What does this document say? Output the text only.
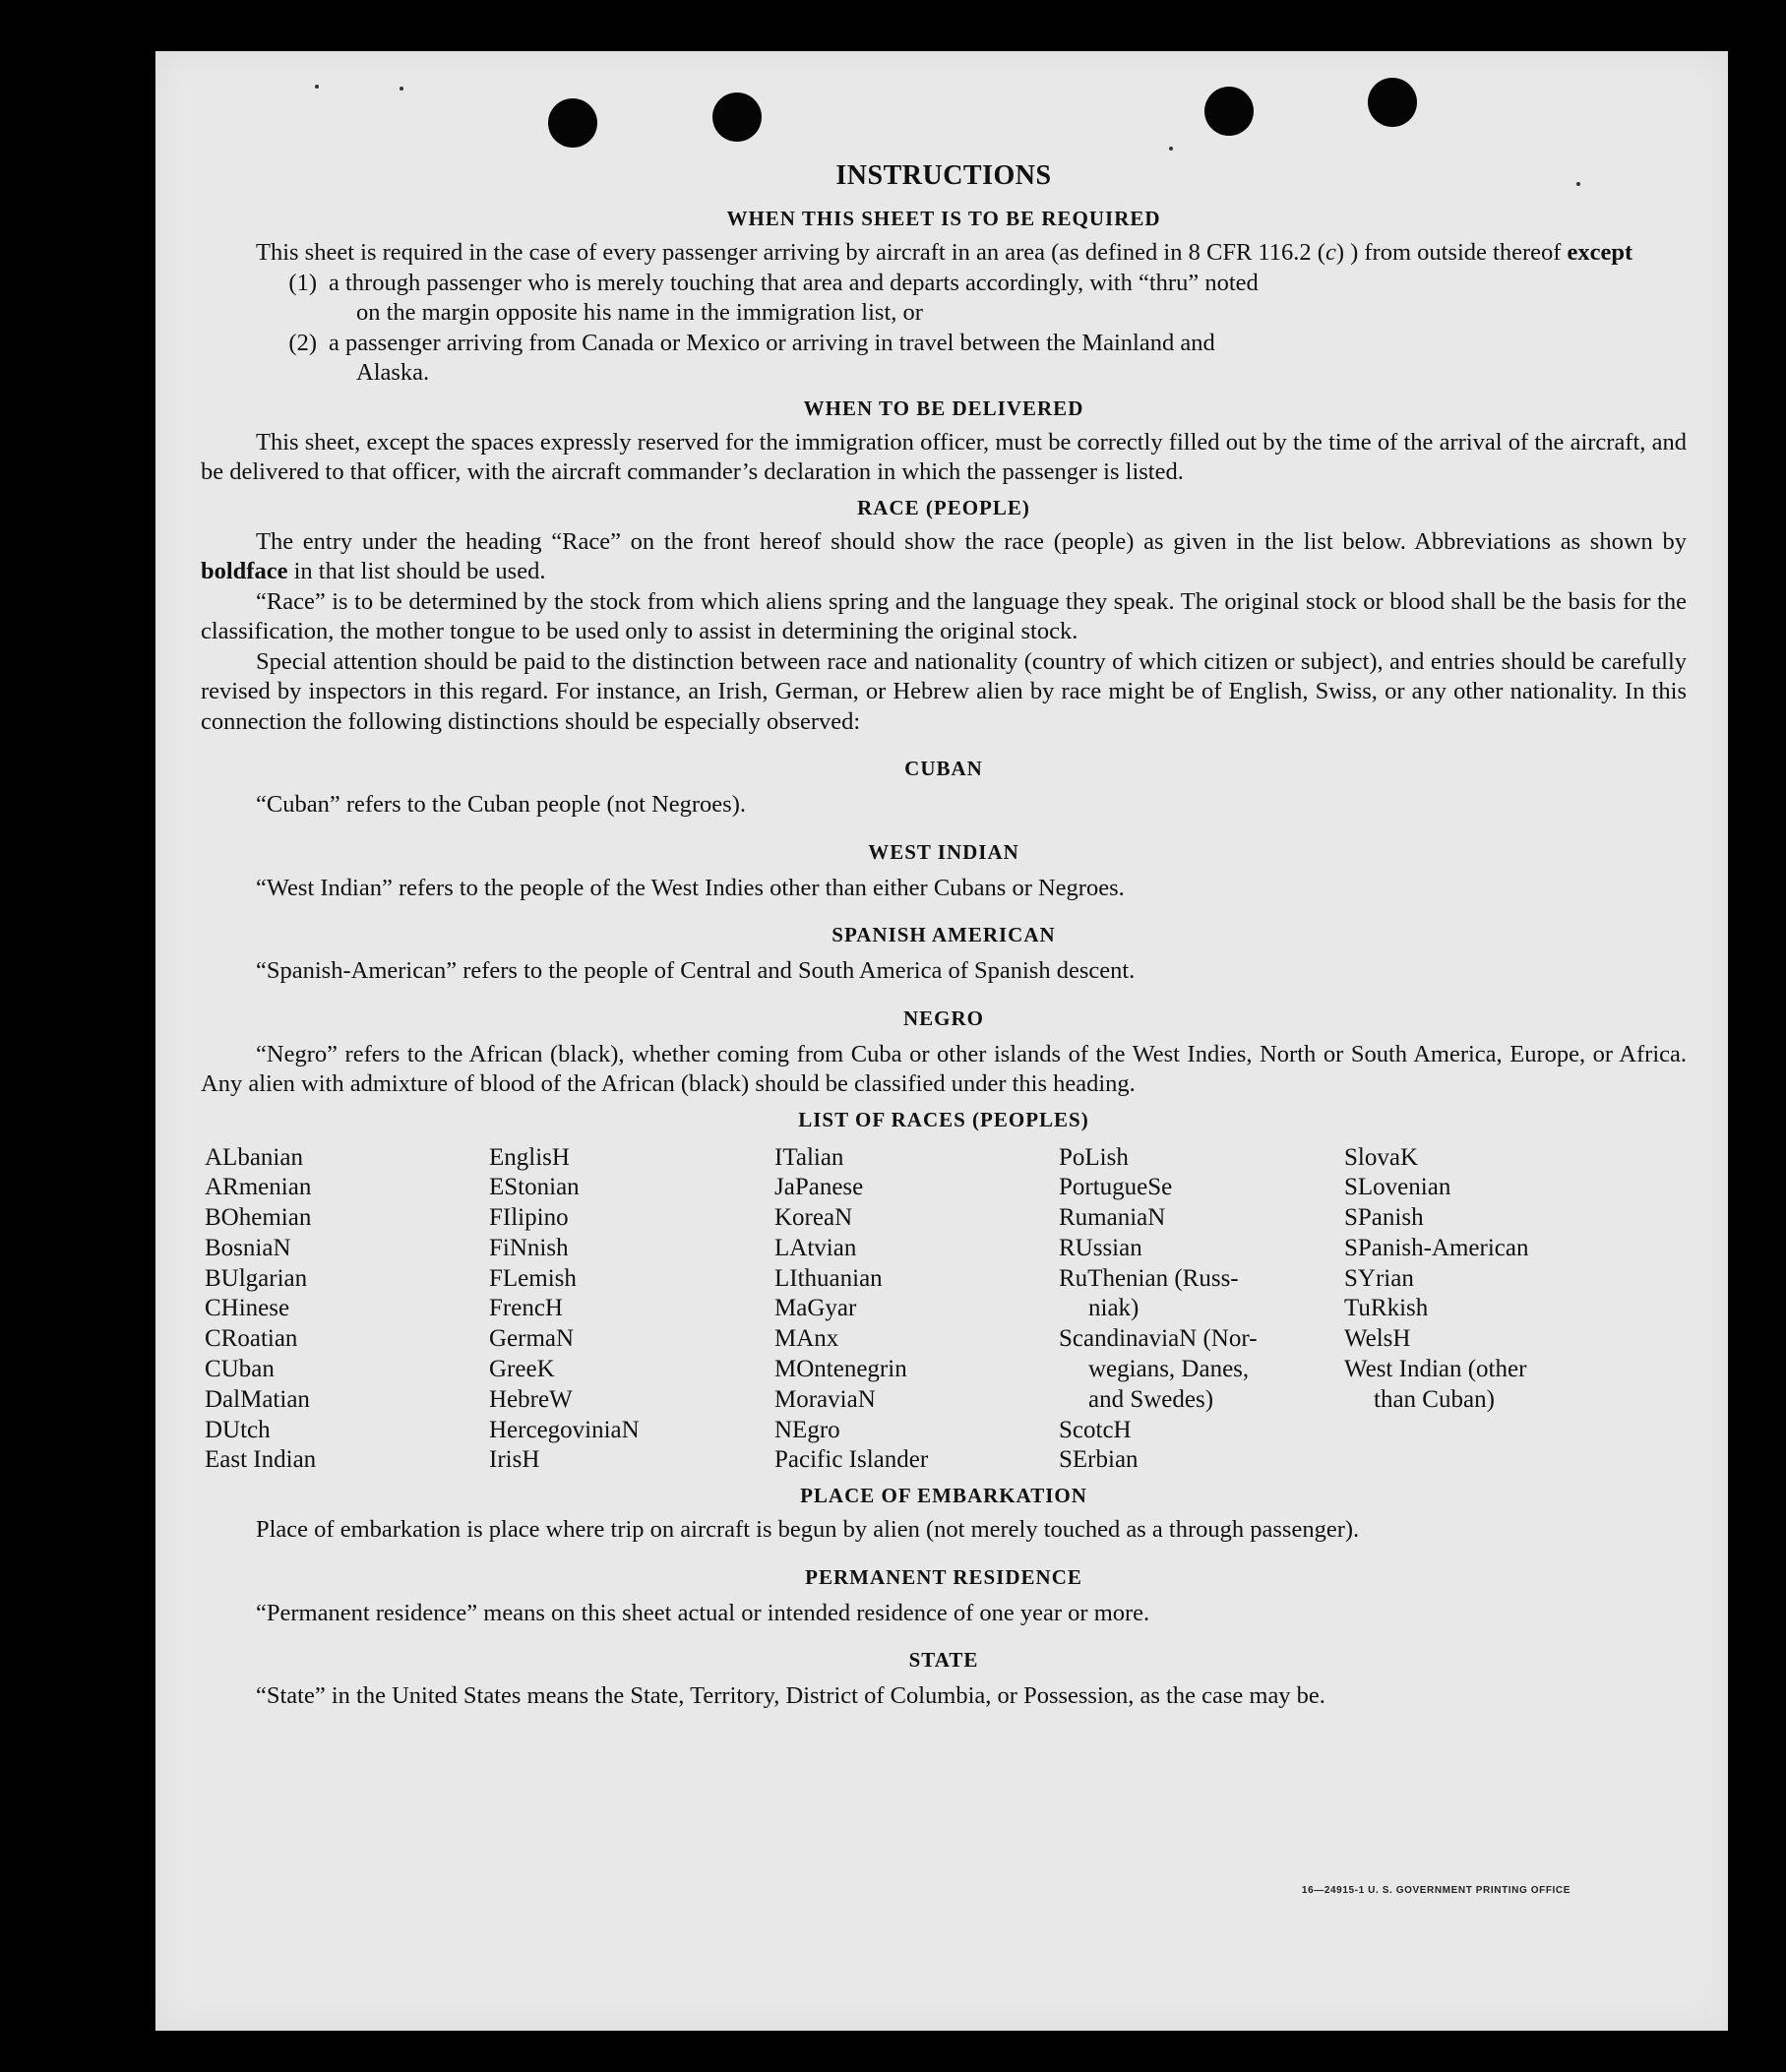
INSTRUCTIONS
WHEN THIS SHEET IS TO BE REQUIRED

This sheet is required in the case of every passenger arriving by aircraft in an area (as defined in 8 CFR 116.2 (c) ) from outside thereof except

(1) a through passenger who is merely touching that area and departs accordingly, with “thru” noted
on the margin opposite his name in the immigration list, or
(2) a passenger arriving from Canada or Mexico or arriving in travel between the Mainland and
Alaska.
WHEN TO BE DELIVERED

This sheet, except the spaces expressly reserved for the immigration officer, must be correctly filled out by the time of the arrival of the aircraft, and be delivered to that officer, with the aircraft commander’s declaration in which the passenger is listed.

RACE (PEOPLE)

The entry under the heading “Race” on the front hereof should show the race (people) as given in the list below. Abbreviations as shown by boldface in that list should be used.

“Race” is to be determined by the stock from which aliens spring and the language they speak. The original stock or blood shall be the basis for the classification, the mother tongue to be used only to assist in determining the original stock.

Special attention should be paid to the distinction between race and nationality (country of which citizen or subject), and entries should be carefully revised by inspectors in this regard. For instance, an Irish, German, or Hebrew alien by race might be of English, Swiss, or any other nationality. In this connection the following distinctions should be especially observed:

CUBAN

“Cuban” refers to the Cuban people (not Negroes).

WEST INDIAN

“West Indian” refers to the people of the West Indies other than either Cubans or Negroes.

SPANISH AMERICAN

“Spanish-American” refers to the people of Central and South America of Spanish descent.

NEGRO

“Negro” refers to the African (black), whether coming from Cuba or other islands of the West Indies, North or South America, Europe, or Africa. Any alien with admixture of blood of the African (black) should be classified under this heading.

LIST OF RACES (PEOPLES)
ALbanian
ARmenian
BOhemian
BosniaN
BUlgarian
CHinese
CRoatian
CUban
DalMatian
DUtch
East Indian
EnglisH
EStonian
FIlipino
FiNnish
FLemish
FrencH
GermaN
GreeK
HebreW
HercegoviniaN
IrisH
ITalian
JaPanese
KoreaN
LAtvian
LIthuanian
MaGyar
MAnx
MOntenegrin
MoraviaN
NEgro
Pacific Islander
PoLish
PortugueSe
RumaniaN
RUssian
RuThenian (Russ-
niak)
ScandinaviaN (Nor-
wegians, Danes,
and Swedes)
ScotcH
SErbian
SlovaK
SLovenian
SPanish
SPanish-American
SYrian
TuRkish
WelsH
West Indian (other
than Cuban)
PLACE OF EMBARKATION

Place of embarkation is place where trip on aircraft is begun by alien (not merely touched as a through passenger).

PERMANENT RESIDENCE

“Permanent residence” means on this sheet actual or intended residence of one year or more.

STATE

“State” in the United States means the State, Territory, District of Columbia, or Possession, as the case may be.

16—24915-1 U. S. GOVERNMENT PRINTING OFFICE
